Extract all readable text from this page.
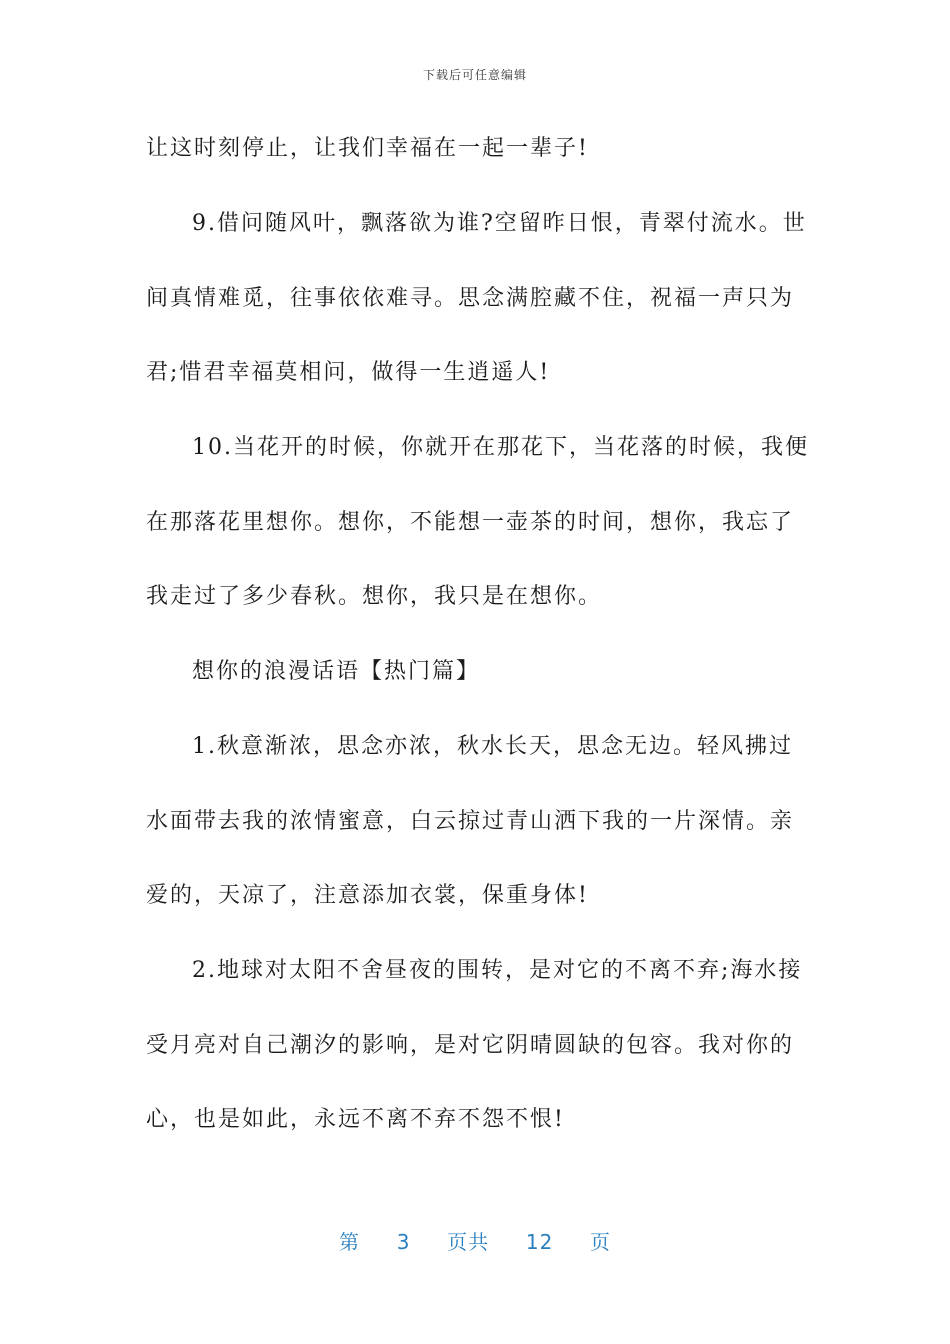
下载后可任意编辑
让这时刻停止，让我们幸福在一起一辈子!
9.借问随风叶，飘落欲为谁?空留昨日恨，青翠付流水。世
间真情难觅，往事依依难寻。思念满腔藏不住，祝福一声只为
君;惜君幸福莫相问，做得一生逍遥人!
10.当花开的时候，你就开在那花下，当花落的时候，我便
在那落花里想你。想你，不能想一壶茶的时间，想你，我忘了
我走过了多少春秋。想你，我只是在想你。
想你的浪漫话语【热门篇】
1.秋意渐浓，思念亦浓，秋水长天，思念无边。轻风拂过
水面带去我的浓情蜜意，白云掠过青山洒下我的一片深情。亲
爱的，天凉了，注意添加衣裳，保重身体!
2.地球对太阳不舍昼夜的围转，是对它的不离不弃;海水接
受月亮对自己潮汐的影响，是对它阴晴圆缺的包容。我对你的
心，也是如此，永远不离不弃不怨不恨!
第 3 页共 12 页
